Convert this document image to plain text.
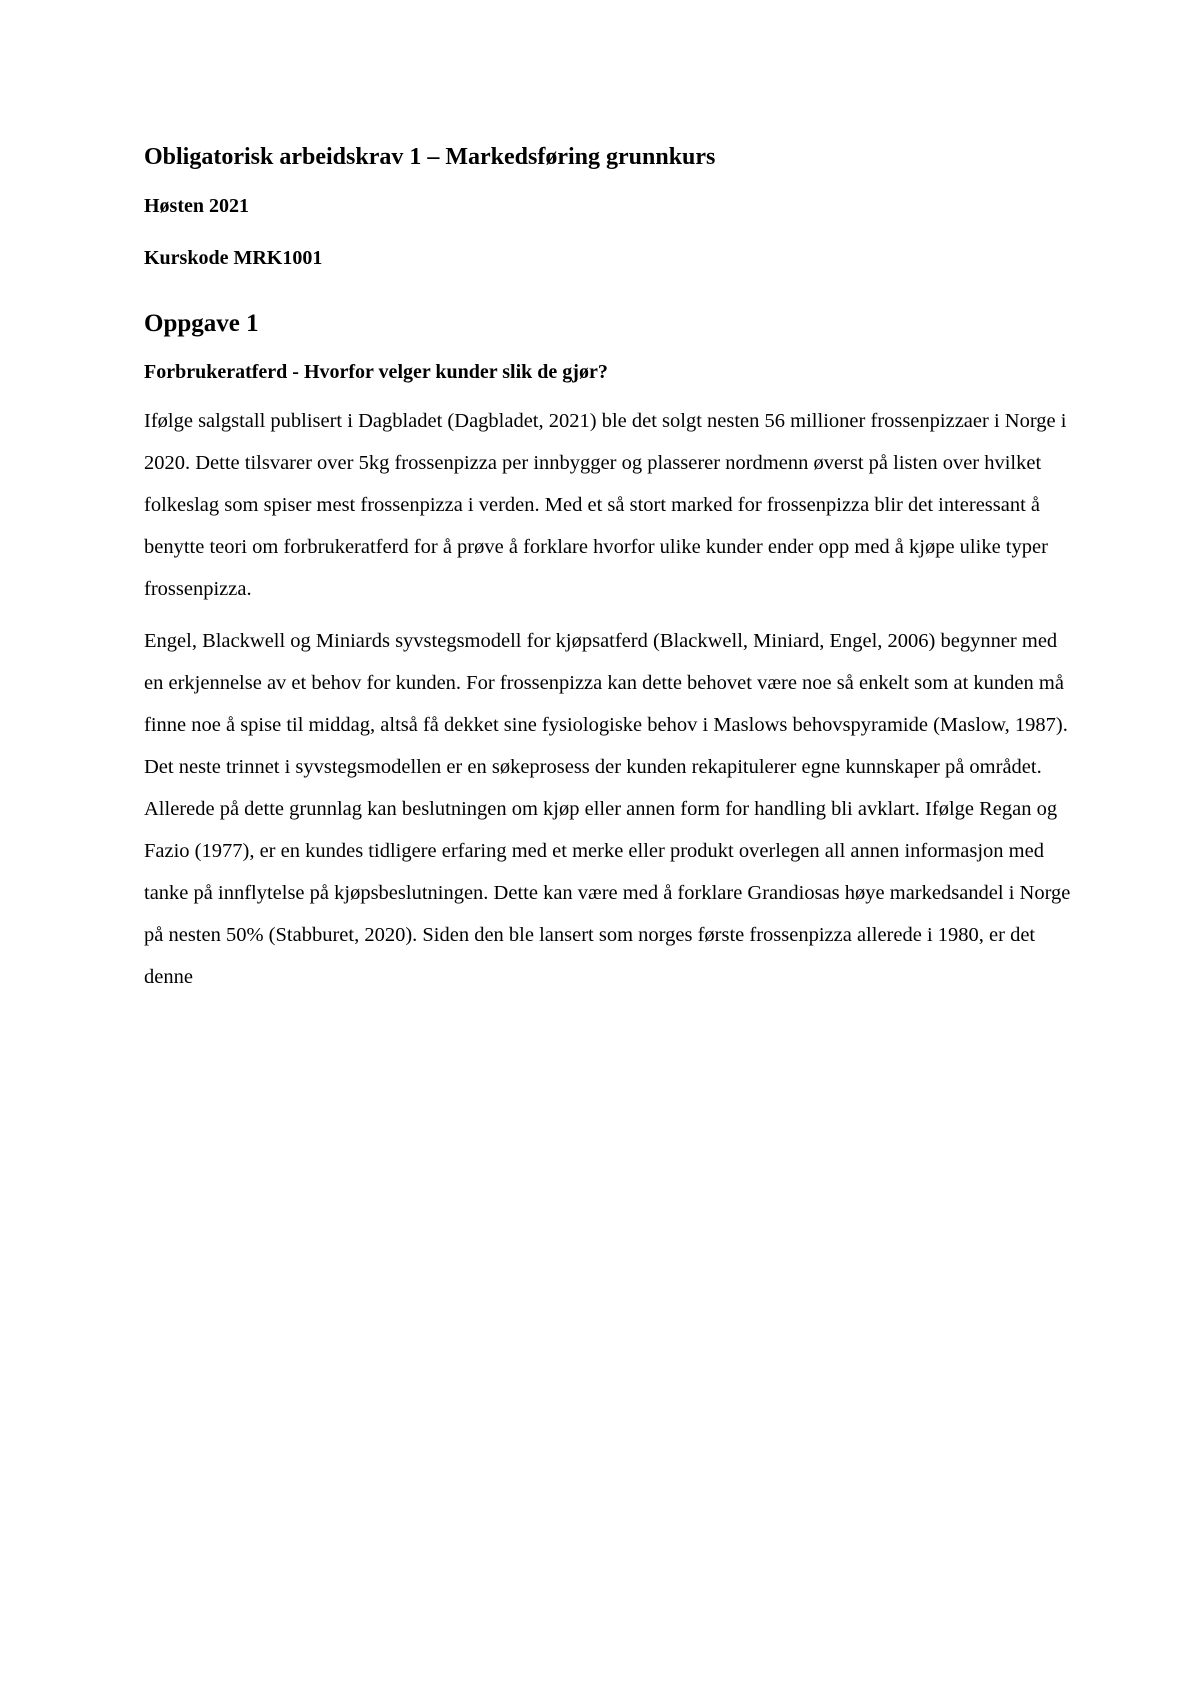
Obligatorisk arbeidskrav 1 – Markedsføring grunnkurs
Høsten 2021
Kurskode MRK1001
Oppgave 1
Forbrukeratferd - Hvorfor velger kunder slik de gjør?

Ifølge salgstall publisert i Dagbladet (Dagbladet, 2021) ble det solgt nesten 56 millioner frossenpizzaer i Norge i 2020. Dette tilsvarer over 5kg frossenpizza per innbygger og plasserer nordmenn øverst på listen over hvilket folkeslag som spiser mest frossenpizza i verden. Med et så stort marked for frossenpizza blir det interessant å benytte teori om forbrukeratferd for å prøve å forklare hvorfor ulike kunder ender opp med å kjøpe ulike typer frossenpizza.

Engel, Blackwell og Miniards syvstegsmodell for kjøpsatferd (Blackwell, Miniard, Engel, 2006) begynner med en erkjennelse av et behov for kunden. For frossenpizza kan dette behovet være noe så enkelt som at kunden må finne noe å spise til middag, altså få dekket sine fysiologiske behov i Maslows behovspyramide (Maslow, 1987). Det neste trinnet i syvstegsmodellen er en søkeprosess der kunden rekapitulerer egne kunnskaper på området. Allerede på dette grunnlag kan beslutningen om kjøp eller annen form for handling bli avklart. Ifølge Regan og Fazio (1977), er en kundes tidligere erfaring med et merke eller produkt overlegen all annen informasjon med tanke på innflytelse på kjøpsbeslutningen. Dette kan være med å forklare Grandiosas høye markedsandel i Norge på nesten 50% (Stabburet, 2020). Siden den ble lansert som norges første frossenpizza allerede i 1980, er det denne
